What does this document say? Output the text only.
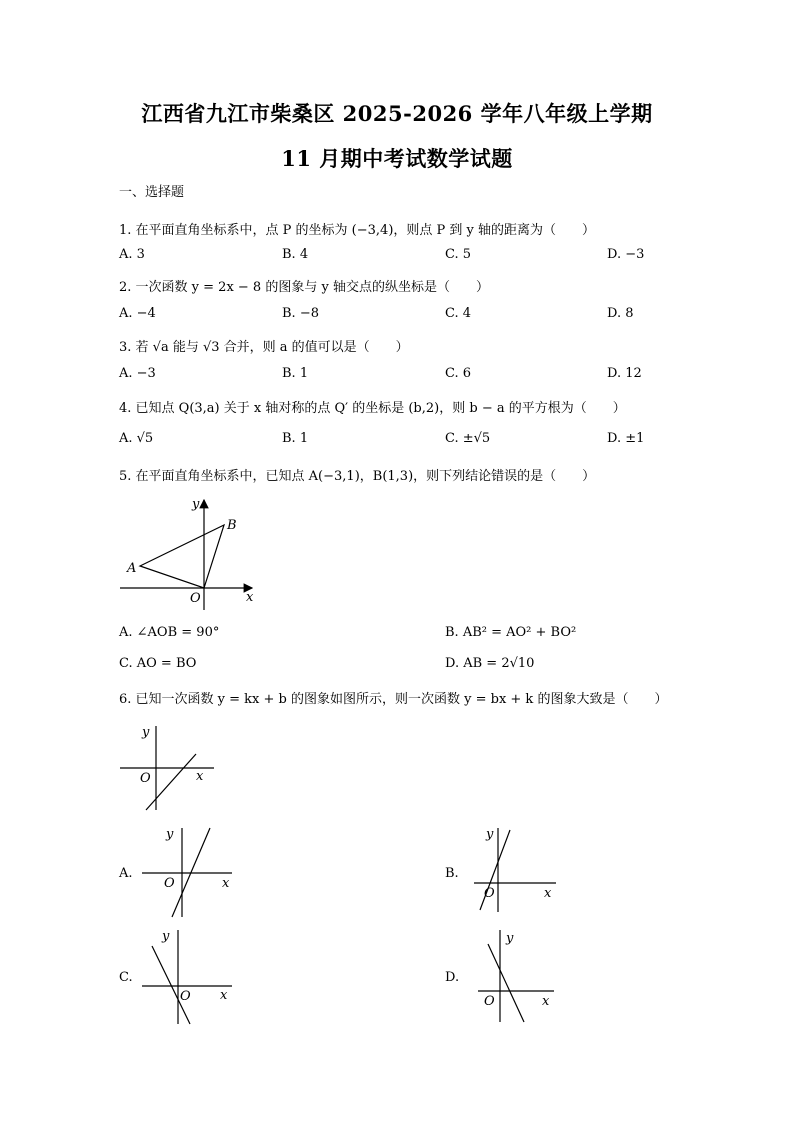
江西省九江市柴桑区 2025-2026 学年八年级上学期
11 月期中考试数学试题
一、选择题
1. 在平面直角坐标系中，点 P 的坐标为 (−3,4)，则点 P 到 y 轴的距离为（　　）
A. 3	B. 4	C. 5	D. −3
2. 一次函数 y = 2x − 8 的图象与 y 轴交点的纵坐标是（　　）
A. −4	B. −8	C. 4	D. 8
3. 若 √a 能与 √3 合并，则 a 的值可以是（　　）
A. −3	B. 1	C. 6	D. 12
4. 已知点 Q(3,a) 关于 x 轴对称的点 Q′ 的坐标是 (b,2)，则 b − a 的平方根为（　　）
A. √5	B. 1	C. ±√5	D. ±1
5. 在平面直角坐标系中，已知点 A(−3,1)，B(1,3)，则下列结论错误的是（　　）
y
x
O
A
B
A. ∠AOB = 90°	B. AB² = AO² + BO²
C. AO = BO	D. AB = 2√10
6. 已知一次函数 y = kx + b 的图象如图所示，则一次函数 y = bx + k 的图象大致是（　　）
y
x
O
A.
y
x
O
B.
y
x
O
C.
y
x
O
D.
y
x
O
